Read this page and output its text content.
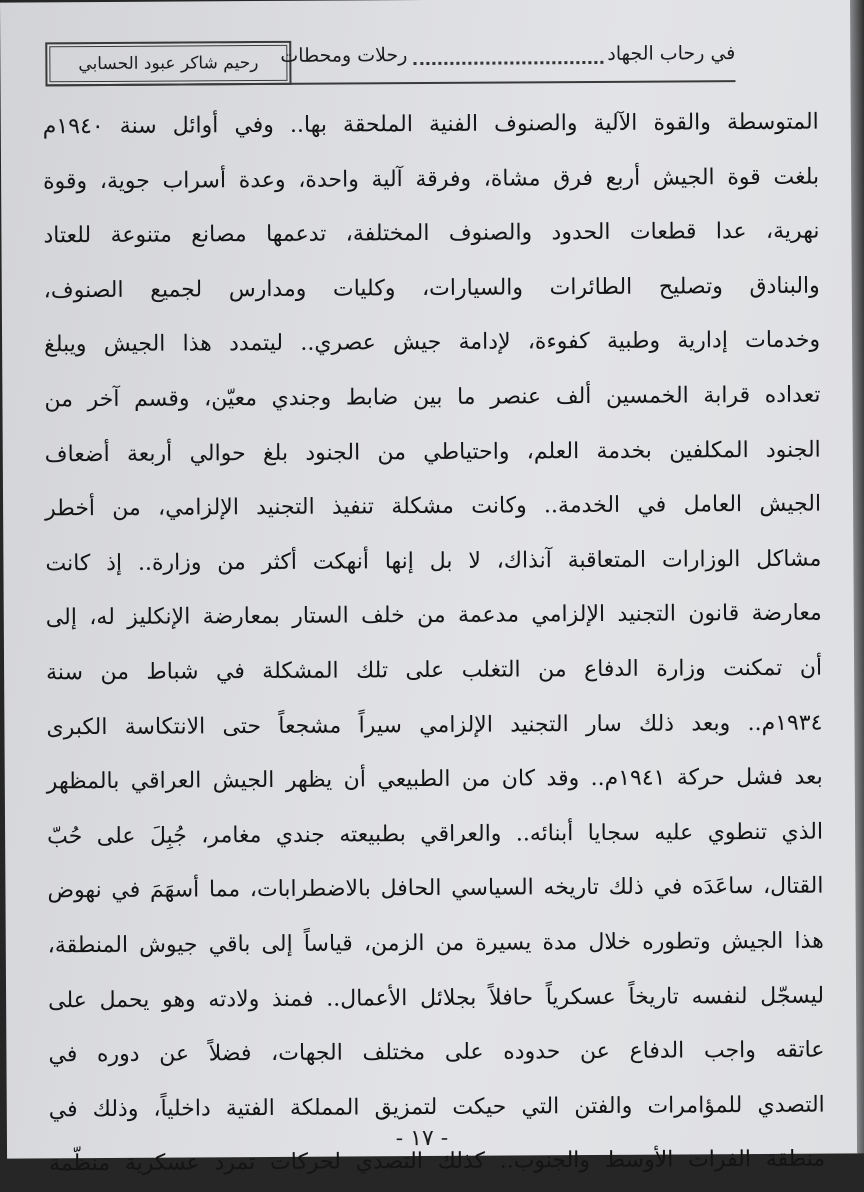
رحيم شاكر عبود الحسابي	رحلات ومحطات	في رحاب الجهاد
المتوسطة والقوة الآلية والصنوف الفنية الملحقة بها.. وفي أوائل سنة ١٩٤٠م
بلغت قوة الجيش أربع فرق مشاة، وفرقة آلية واحدة، وعدة أسراب جوية، وقوة
نهرية، عدا قطعات الحدود والصنوف المختلفة، تدعمها مصانع متنوعة للعتاد
والبنادق وتصليح الطائرات والسيارات، وكليات ومدارس لجميع الصنوف،
وخدمات إدارية وطبية كفوءة، لإدامة جيش عصري.. ليتمدد هذا الجيش ويبلغ
تعداده قرابة الخمسين ألف عنصر ما بين ضابط وجندي معيّن، وقسم آخر من
الجنود المكلفين بخدمة العلم، واحتياطي من الجنود بلغ حوالي أربعة أضعاف
الجيش العامل في الخدمة.. وكانت مشكلة تنفيذ التجنيد الإلزامي، من أخطر
مشاكل الوزارات المتعاقبة آنذاك، لا بل إنها أنهكت أكثر من وزارة.. إذ كانت
معارضة قانون التجنيد الإلزامي مدعمة من خلف الستار بمعارضة الإنكليز له، إلى
أن تمكنت وزارة الدفاع من التغلب على تلك المشكلة في شباط من سنة
١٩٣٤م.. وبعد ذلك سار التجنيد الإلزامي سيراً مشجعاً حتى الانتكاسة الكبرى
بعد فشل حركة ١٩٤١م.. وقد كان من الطبيعي أن يظهر الجيش العراقي بالمظهر
الذي تنطوي عليه سجايا أبنائه.. والعراقي بطبيعته جندي مغامر، جُبِلَ على حُبّ
القتال، ساعَدَه في ذلك تاريخه السياسي الحافل بالاضطرابات، مما أسهَمَ في نهوض
هذا الجيش وتطوره خلال مدة يسيرة من الزمن، قياساً إلى باقي جيوش المنطقة،
ليسجّل لنفسه تاريخاً عسكرياً حافلاً بجلائل الأعمال.. فمنذ ولادته وهو يحمل على
عاتقه واجب الدفاع عن حدوده على مختلف الجهات، فضلاً عن دوره في
التصدي للمؤامرات والفتن التي حيكت لتمزيق المملكة الفتية داخلياً، وذلك في
منطقة الفرات الأوسط والجنوب.. كذلك التصدي لحركات تمرد عسكرية منظّمة
- ١٧ -
